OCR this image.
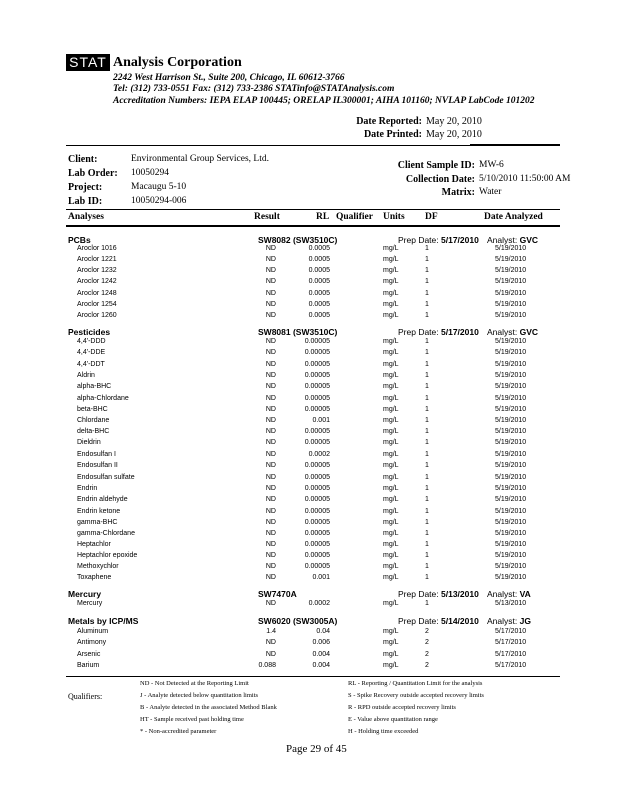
STAT Analysis Corporation
2242 West Harrison St., Suite 200, Chicago, IL 60612-3766
Tel: (312) 733-0551 Fax: (312) 733-2386 STATinfo@STATAnalysis.com
Accreditation Numbers: IEPA ELAP 100445; ORELAP IL300001; AIHA 101160; NVLAP LabCode 101202
Date Reported: May 20, 2010
Date Printed: May 20, 2010
Client:	Environmental Group Services, Ltd.
Lab Order: 10050294
Project:	Macaugu 5-10
Lab ID:	10050294-006
Client Sample ID: MW-6
Collection Date: 5/10/2010 11:50:00 AM
Matrix: Water
Analyses	Result	RL Qualifier Units DF	Date Analyzed
PCBs	SW8082 (SW3510C)	Prep Date: 5/17/2010 Analyst: GVC
Aroclor 1016	ND	0.0005	mg/L	1	5/19/2010
Aroclor 1221	ND	0.0005	mg/L	1	5/19/2010
Aroclor 1232	ND	0.0005	mg/L	1	5/19/2010
Aroclor 1242	ND	0.0005	mg/L	1	5/19/2010
Aroclor 1248	ND	0.0005	mg/L	1	5/19/2010
Aroclor 1254	ND	0.0005	mg/L	1	5/19/2010
Aroclor 1260	ND	0.0005	mg/L	1	5/19/2010
Pesticides	SW8081 (SW3510C)	Prep Date: 5/17/2010 Analyst: GVC
4,4'-DDD	ND	0.00005	mg/L	1	5/19/2010
4,4'-DDE	ND	0.00005	mg/L	1	5/19/2010
4,4'-DDT	ND	0.00005	mg/L	1	5/19/2010
Aldrin	ND	0.00005	mg/L	1	5/19/2010
alpha-BHC	ND	0.00005	mg/L	1	5/19/2010
alpha-Chlordane	ND	0.00005	mg/L	1	5/19/2010
beta-BHC	ND	0.00005	mg/L	1	5/19/2010
Chlordane	ND	0.001	mg/L	1	5/19/2010
delta-BHC	ND	0.00005	mg/L	1	5/19/2010
Dieldrin	ND	0.00005	mg/L	1	5/19/2010
Endosulfan I	ND	0.0002	mg/L	1	5/19/2010
Endosulfan II	ND	0.00005	mg/L	1	5/19/2010
Endosulfan sulfate	ND	0.00005	mg/L	1	5/19/2010
Endrin	ND	0.00005	mg/L	1	5/19/2010
Endrin aldehyde	ND	0.00005	mg/L	1	5/19/2010
Endrin ketone	ND	0.00005	mg/L	1	5/19/2010
gamma-BHC	ND	0.00005	mg/L	1	5/19/2010
gamma-Chlordane	ND	0.00005	mg/L	1	5/19/2010
Heptachlor	ND	0.00005	mg/L	1	5/19/2010
Heptachlor epoxide	ND	0.00005	mg/L	1	5/19/2010
Methoxychlor	ND	0.00005	mg/L	1	5/19/2010
Toxaphene	ND	0.001	mg/L	1	5/19/2010
Mercury	SW7470A	Prep Date: 5/13/2010 Analyst: VA
Mercury	ND	0.0002	mg/L	1	5/13/2010
Metals by ICP/MS	SW6020 (SW3005A)	Prep Date: 5/14/2010 Analyst: JG
Aluminum	1.4	0.04	mg/L	2	5/17/2010
Antimony	ND	0.006	mg/L	2	5/17/2010
Arsenic	ND	0.004	mg/L	2	5/17/2010
Barium	0.088	0.004	mg/L	2	5/17/2010
Qualifiers:
ND - Not Detected at the Reporting Limit
J - Analyte detected below quantitation limits
B - Analyte detected in the associated Method Blank
HT - Sample received past holding time
* - Non-accredited parameter
RL - Reporting / Quantitation Limit for the analysis
S - Spike Recovery outside accepted recovery limits
R - RPD outside accepted recovery limits
E - Value above quantitation range
H - Holding time exceeded
Page 29 of 45
